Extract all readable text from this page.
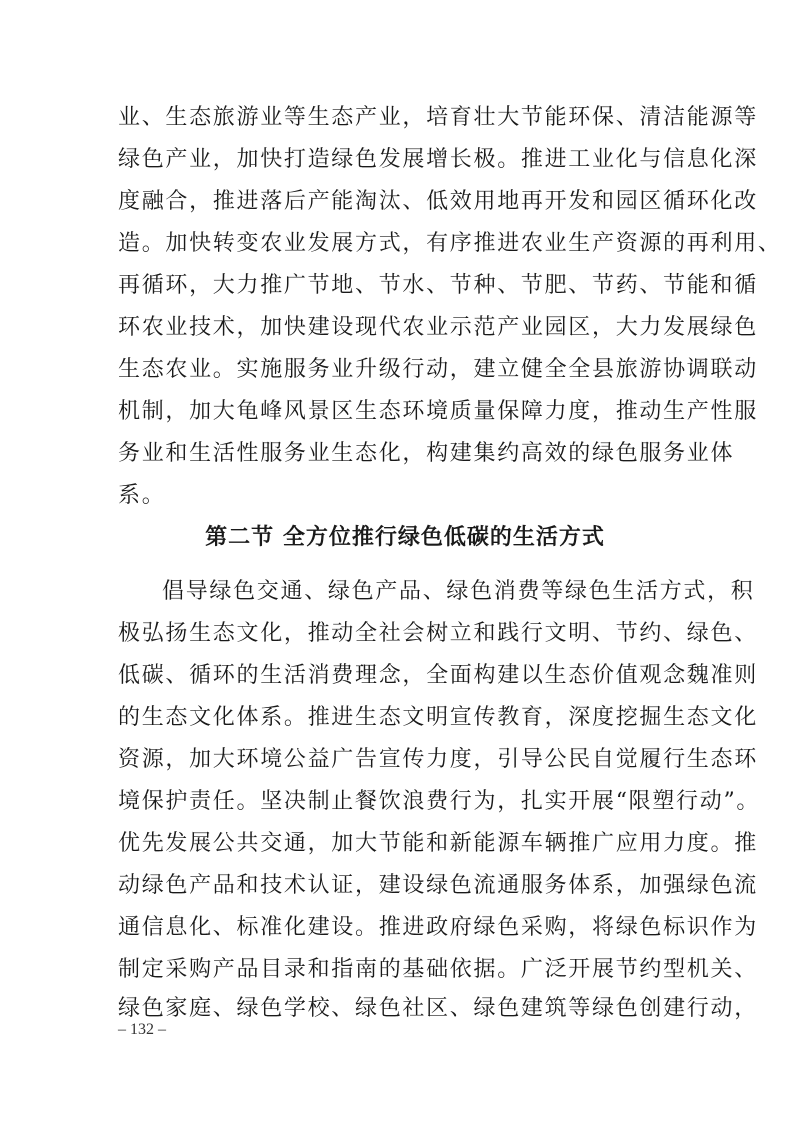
业、生态旅游业等生态产业，培育壮大节能环保、清洁能源等
绿色产业，加快打造绿色发展增长极。推进工业化与信息化深
度融合，推进落后产能淘汰、低效用地再开发和园区循环化改
造。加快转变农业发展方式，有序推进农业生产资源的再利用、
再循环，大力推广节地、节水、节种、节肥、节药、节能和循
环农业技术，加快建设现代农业示范产业园区，大力发展绿色
生态农业。实施服务业升级行动，建立健全全县旅游协调联动
机制，加大龟峰风景区生态环境质量保障力度，推动生产性服
务业和生活性服务业生态化，构建集约高效的绿色服务业体
系。
第二节 全方位推行绿色低碳的生活方式
倡导绿色交通、绿色产品、绿色消费等绿色生活方式，积
极弘扬生态文化，推动全社会树立和践行文明、节约、绿色、
低碳、循环的生活消费理念，全面构建以生态价值观念魏准则
的生态文化体系。推进生态文明宣传教育，深度挖掘生态文化
资源，加大环境公益广告宣传力度，引导公民自觉履行生态环
境保护责任。坚决制止餐饮浪费行为，扎实开展“限塑行动”。
优先发展公共交通，加大节能和新能源车辆推广应用力度。推
动绿色产品和技术认证，建设绿色流通服务体系，加强绿色流
通信息化、标准化建设。推进政府绿色采购，将绿色标识作为
制定采购产品目录和指南的基础依据。广泛开展节约型机关、
绿色家庭、绿色学校、绿色社区、绿色建筑等绿色创建行动，
– 132 –
